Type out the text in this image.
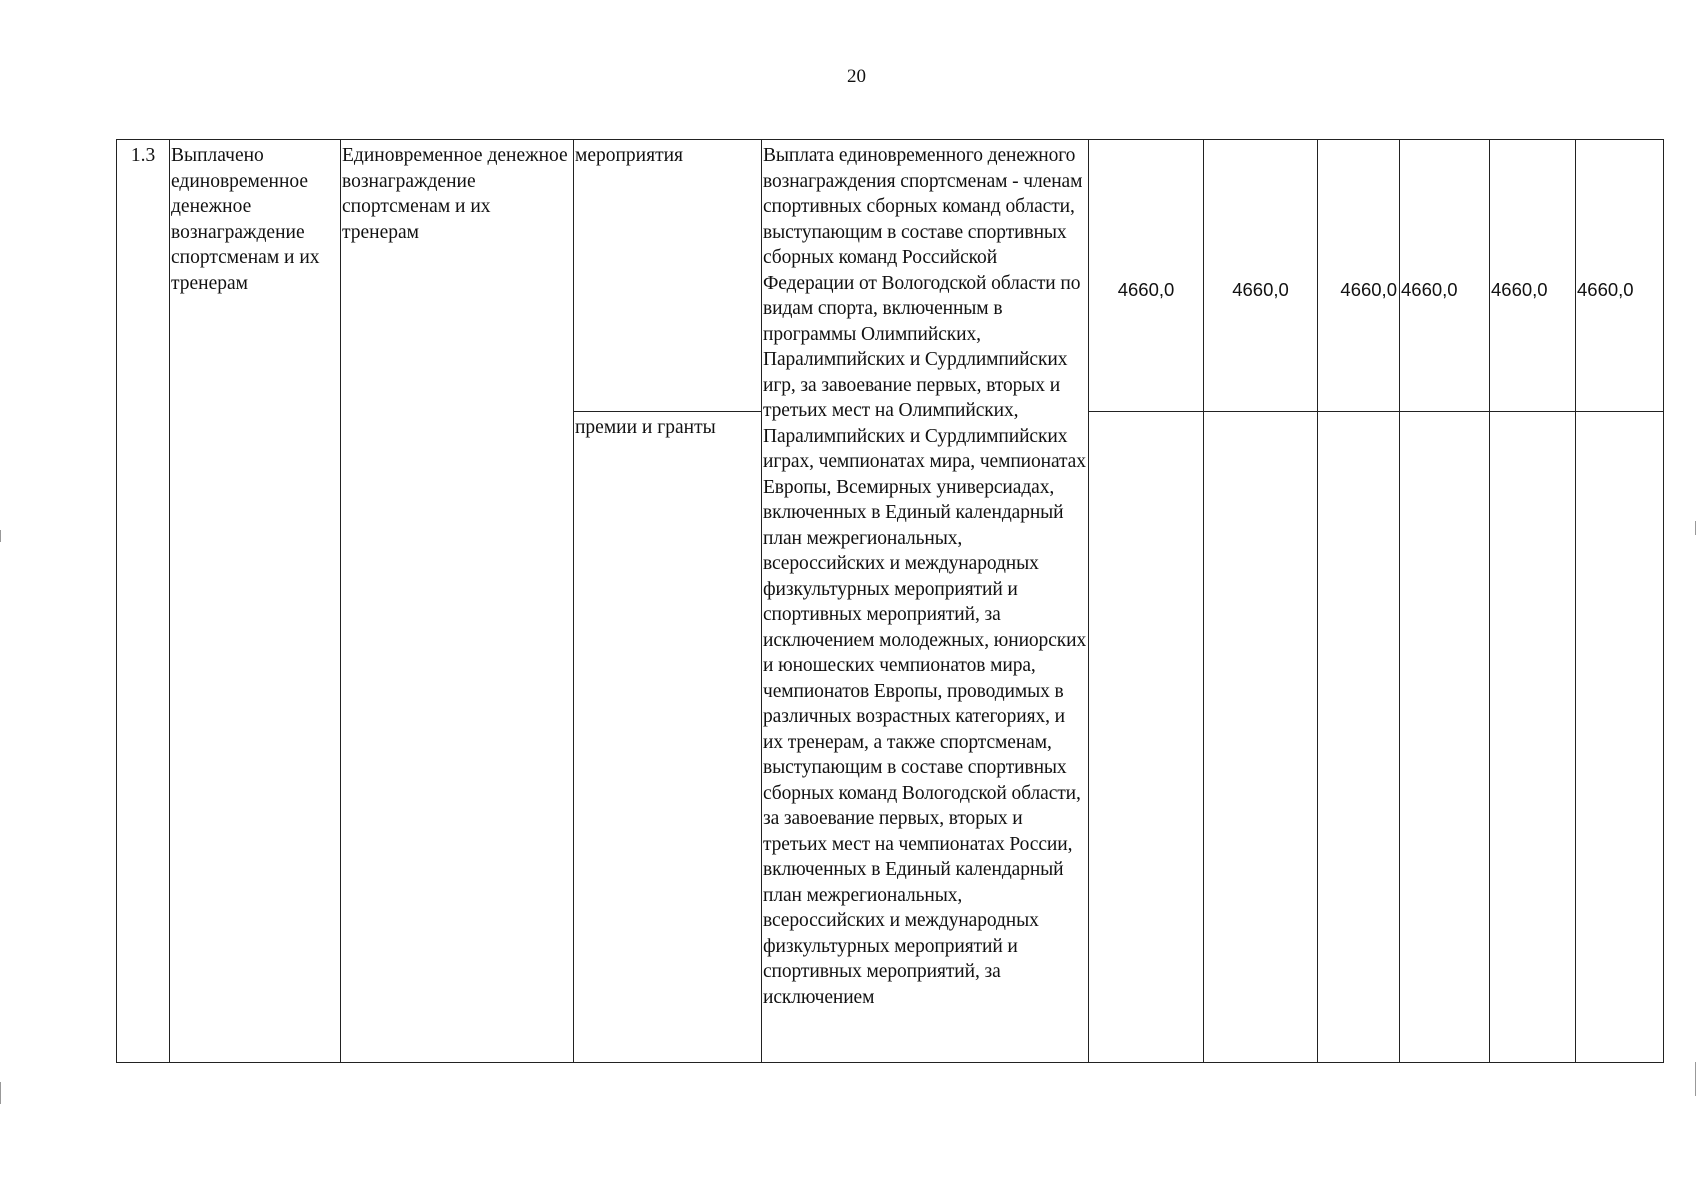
20
1.3	Выплачено единовременное денежное вознаграждение спортсменам и их тренерам	Единовременное денежное вознаграждение спортсменам и их тренерам	мероприятия	Выплата единовременного денежного вознаграждения спортсменам - членам спортивных сборных команд области, выступающим в составе спортивных сборных команд Российской Федерации от Вологодской области по видам спорта, включенным в программы Олимпийских, Паралимпийских и Сурдлимпийских игр, за завоевание первых, вторых и третьих мест на Олимпийских, Паралимпийских и Сурдлимпийских играх, чемпионатах мира, чемпионатах Европы, Всемирных универсиадах, включенных в Единый календарный план межрегиональных, всероссийских и международных физкультурных мероприятий и спортивных мероприятий, за исключением молодежных, юниорских и юношеских чемпионатов мира, чемпионатов Европы, проводимых в различных возрастных категориях, и их тренерам, а также спортсменам, выступающим в составе спортивных сборных команд Вологодской области, за завоевание первых, вторых и третьих мест на чемпионатах России, включенных в Единый календарный план межрегиональных, всероссийских и международных физкультурных мероприятий и спортивных мероприятий, за исключением	4660,0	4660,0	4660,0	4660,0	4660,0	4660,0

			премии и гранты							
